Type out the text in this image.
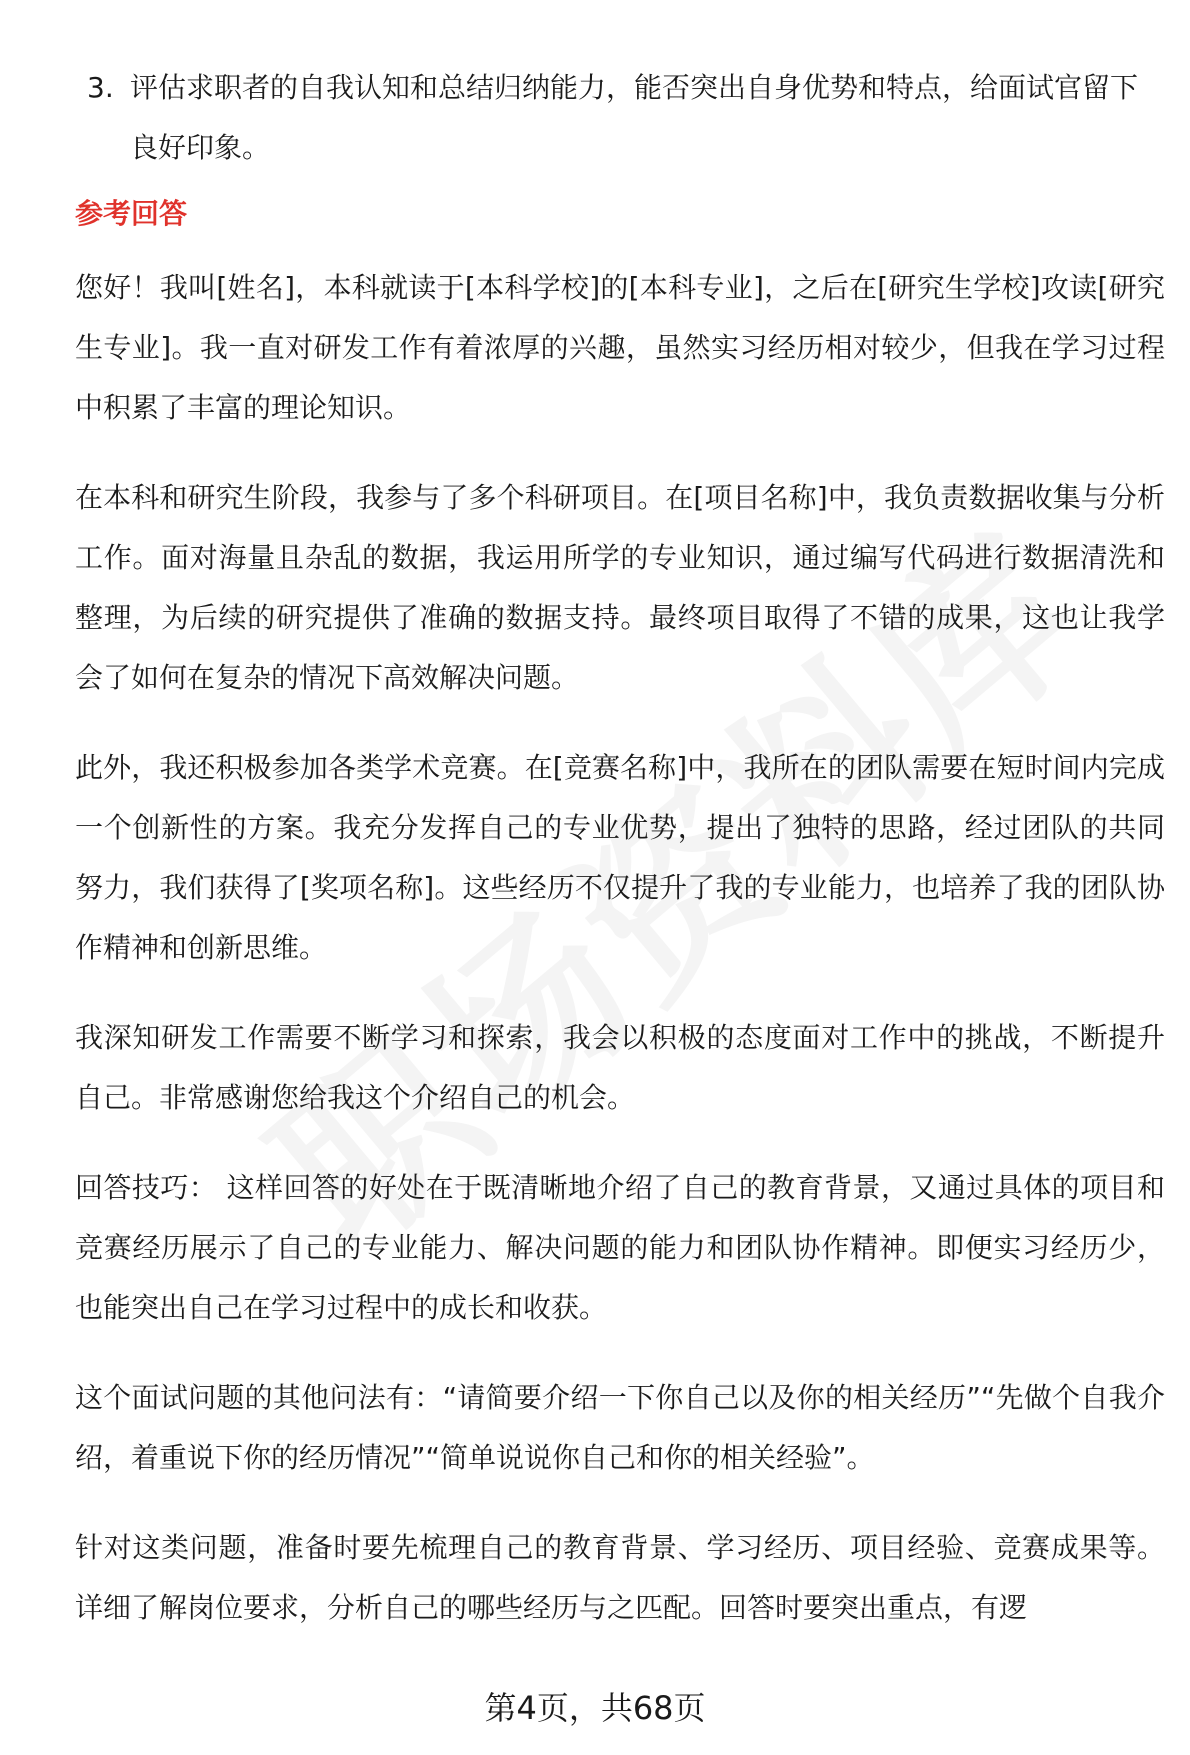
3. 评估求职者的自我认知和总结归纳能力，能否突出自身优势和特点，给面试官留下良好印象。

参考回答

您好！我叫[姓名]，本科就读于[本科学校]的[本科专业]，之后在[研究生学校]攻读[研究生专业]。我一直对研发工作有着浓厚的兴趣，虽然实习经历相对较少，但我在学习过程中积累了丰富的理论知识。

在本科和研究生阶段，我参与了多个科研项目。在[项目名称]中，我负责数据收集与分析工作。面对海量且杂乱的数据，我运用所学的专业知识，通过编写代码进行数据清洗和整理，为后续的研究提供了准确的数据支持。最终项目取得了不错的成果，这也让我学会了如何在复杂的情况下高效解决问题。

此外，我还积极参加各类学术竞赛。在[竞赛名称]中，我所在的团队需要在短时间内完成一个创新性的方案。我充分发挥自己的专业优势，提出了独特的思路，经过团队的共同努力，我们获得了[奖项名称]。这些经历不仅提升了我的专业能力，也培养了我的团队协作精神和创新思维。

我深知研发工作需要不断学习和探索，我会以积极的态度面对工作中的挑战，不断提升自己。非常感谢您给我这个介绍自己的机会。

回答技巧： 这样回答的好处在于既清晰地介绍了自己的教育背景，又通过具体的项目和竞赛经历展示了自己的专业能力、解决问题的能力和团队协作精神。即便实习经历少，也能突出自己在学习过程中的成长和收获。

这个面试问题的其他问法有：“请简要介绍一下你自己以及你的相关经历”“先做个自我介绍，着重说下你的经历情况”“简单说说你自己和你的相关经验”。

针对这类问题，准备时要先梳理自己的教育背景、学习经历、项目经验、竞赛成果等。详细了解岗位要求，分析自己的哪些经历与之匹配。回答时要突出重点，有逻

第4页，共68页
